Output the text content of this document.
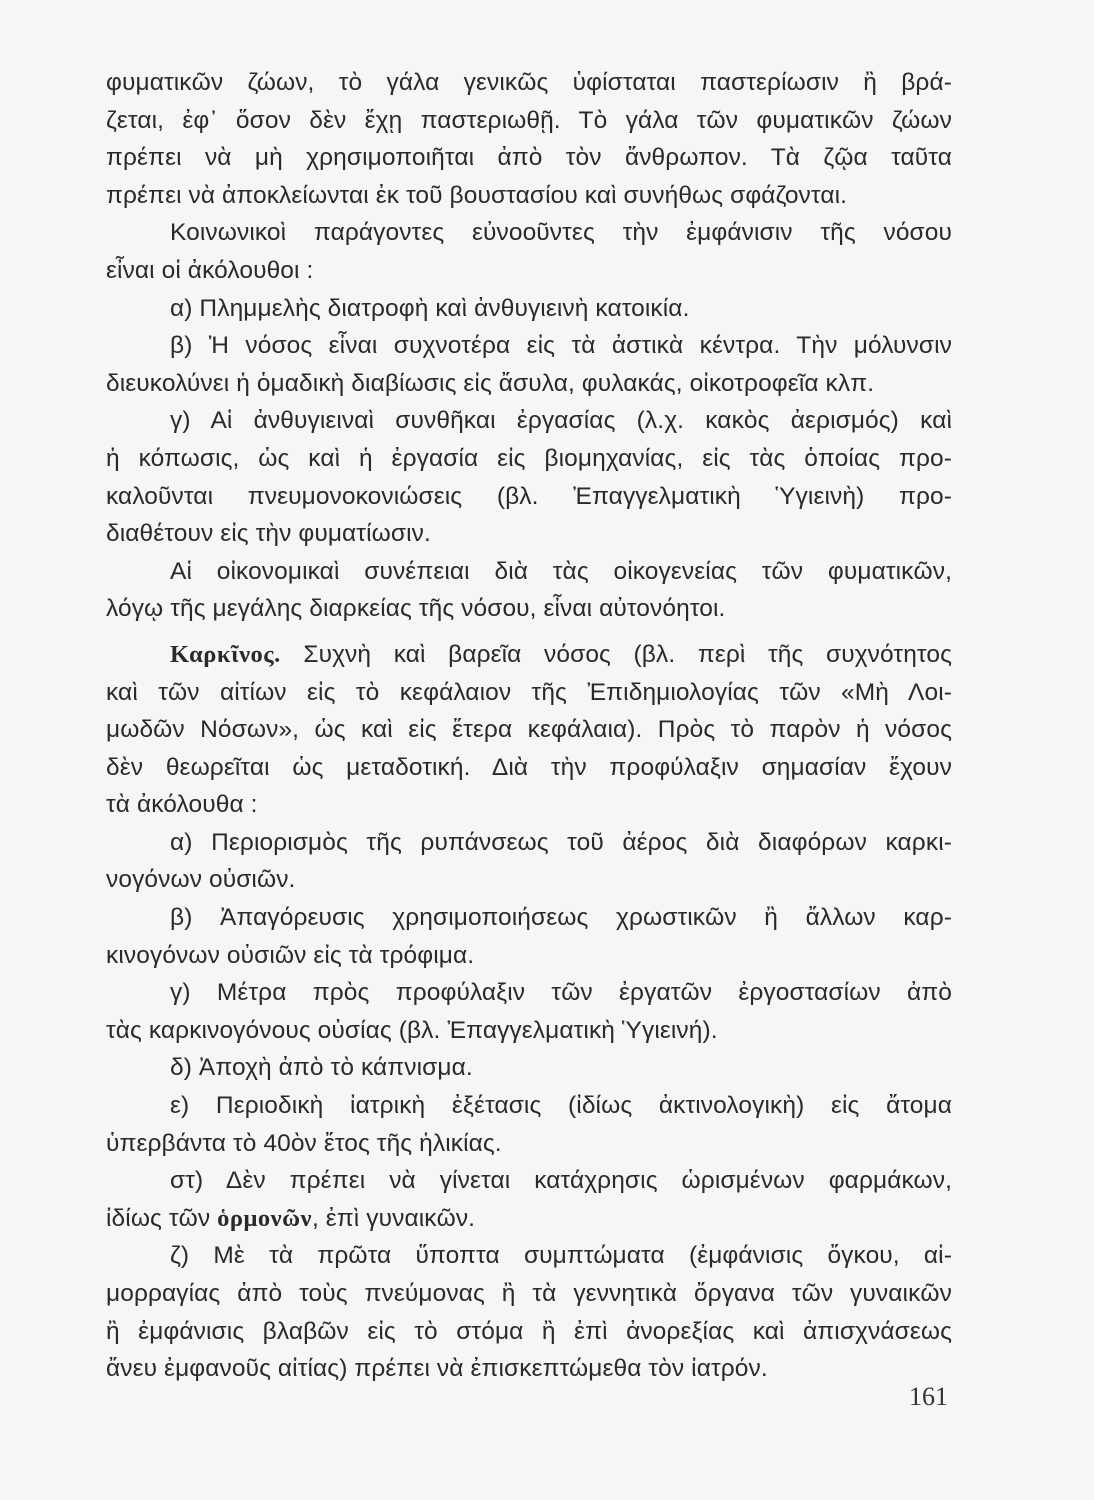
φυματικῶν ζώων, τὸ γάλα γενικῶς ὑφίσταται παστερίωσιν ἢ βρά-
ζεται, ἐφ᾽ ὅσον δὲν ἔχῃ παστεριωθῇ. Τὸ γάλα τῶν φυματικῶν ζώων
πρέπει νὰ μὴ χρησιμοποιῆται ἀπὸ τὸν ἄνθρωπον. Τὰ ζῷα ταῦτα
πρέπει νὰ ἀποκλείωνται ἐκ τοῦ βουστασίου καὶ συνήθως σφάζονται.
Κοινωνικοὶ παράγοντες εὐνοοῦντες τὴν ἐμφάνισιν τῆς νόσου
εἶναι οἱ ἀκόλουθοι :
α) Πλημμελὴς διατροφὴ καὶ ἀνθυγιεινὴ κατοικία.
β) Ἡ νόσος εἶναι συχνοτέρα εἰς τὰ ἀστικὰ κέντρα. Τὴν μόλυνσιν
διευκολύνει ἡ ὁμαδικὴ διαβίωσις εἰς ἄσυλα, φυλακάς, οἰκοτροφεῖα κλπ.
γ) Αἱ ἀνθυγιειναὶ συνθῆκαι ἐργασίας (λ.χ. κακὸς ἀερισμός) καὶ
ἡ κόπωσις, ὡς καὶ ἡ ἐργασία εἰς βιομηχανίας, εἰς τὰς ὁποίας προ-
καλοῦνται πνευμονοκονιώσεις (βλ. Ἐπαγγελματικὴ Ὑγιεινὴ) προ-
διαθέτουν εἰς τὴν φυματίωσιν.
Αἱ οἰκονομικαὶ συνέπειαι διὰ τὰς οἰκογενείας τῶν φυματικῶν,
λόγῳ τῆς μεγάλης διαρκείας τῆς νόσου, εἶναι αὐτονόητοι.
Καρκῖνος. Συχνὴ καὶ βαρεῖα νόσος (βλ. περὶ τῆς συχνότητος
καὶ τῶν αἰτίων εἰς τὸ κεφάλαιον τῆς Ἐπιδημιολογίας τῶν «Μὴ Λοι-
μωδῶν Νόσων», ὡς καὶ εἰς ἕτερα κεφάλαια). Πρὸς τὸ παρὸν ἡ νόσος
δὲν θεωρεῖται ὡς μεταδοτική. Διὰ τὴν προφύλαξιν σημασίαν ἔχουν
τὰ ἀκόλουθα :
α) Περιορισμὸς τῆς ρυπάνσεως τοῦ ἀέρος διὰ διαφόρων καρκι-
νογόνων οὐσιῶν.
β) Ἀπαγόρευσις χρησιμοποιήσεως χρωστικῶν ἢ ἄλλων καρ-
κινογόνων οὐσιῶν εἰς τὰ τρόφιμα.
γ) Μέτρα πρὸς προφύλαξιν τῶν ἐργατῶν ἐργοστασίων ἀπὸ
τὰς καρκινογόνους οὐσίας (βλ. Ἐπαγγελματικὴ Ὑγιεινή).
δ) Ἀποχὴ ἀπὸ τὸ κάπνισμα.
ε) Περιοδικὴ ἰατρικὴ ἐξέτασις (ἰδίως ἀκτινολογικὴ) εἰς ἄτομα
ὑπερβάντα τὸ 40ὸν ἔτος τῆς ἡλικίας.
στ) Δὲν πρέπει νὰ γίνεται κατάχρησις ὡρισμένων φαρμάκων,
ἰδίως τῶν ὁρμονῶν, ἐπὶ γυναικῶν.
ζ) Μὲ τὰ πρῶτα ὕποπτα συμπτώματα (ἐμφάνισις ὄγκου, αἱ-
μορραγίας ἀπὸ τοὺς πνεύμονας ἢ τὰ γεννητικὰ ὄργανα τῶν γυναικῶν
ἢ ἐμφάνισις βλαβῶν εἰς τὸ στόμα ἢ ἐπὶ ἀνορεξίας καὶ ἀπισχνάσεως
ἄνευ ἐμφανοῦς αἰτίας) πρέπει νὰ ἐπισκεπτώμεθα τὸν ἰατρόν.
161
